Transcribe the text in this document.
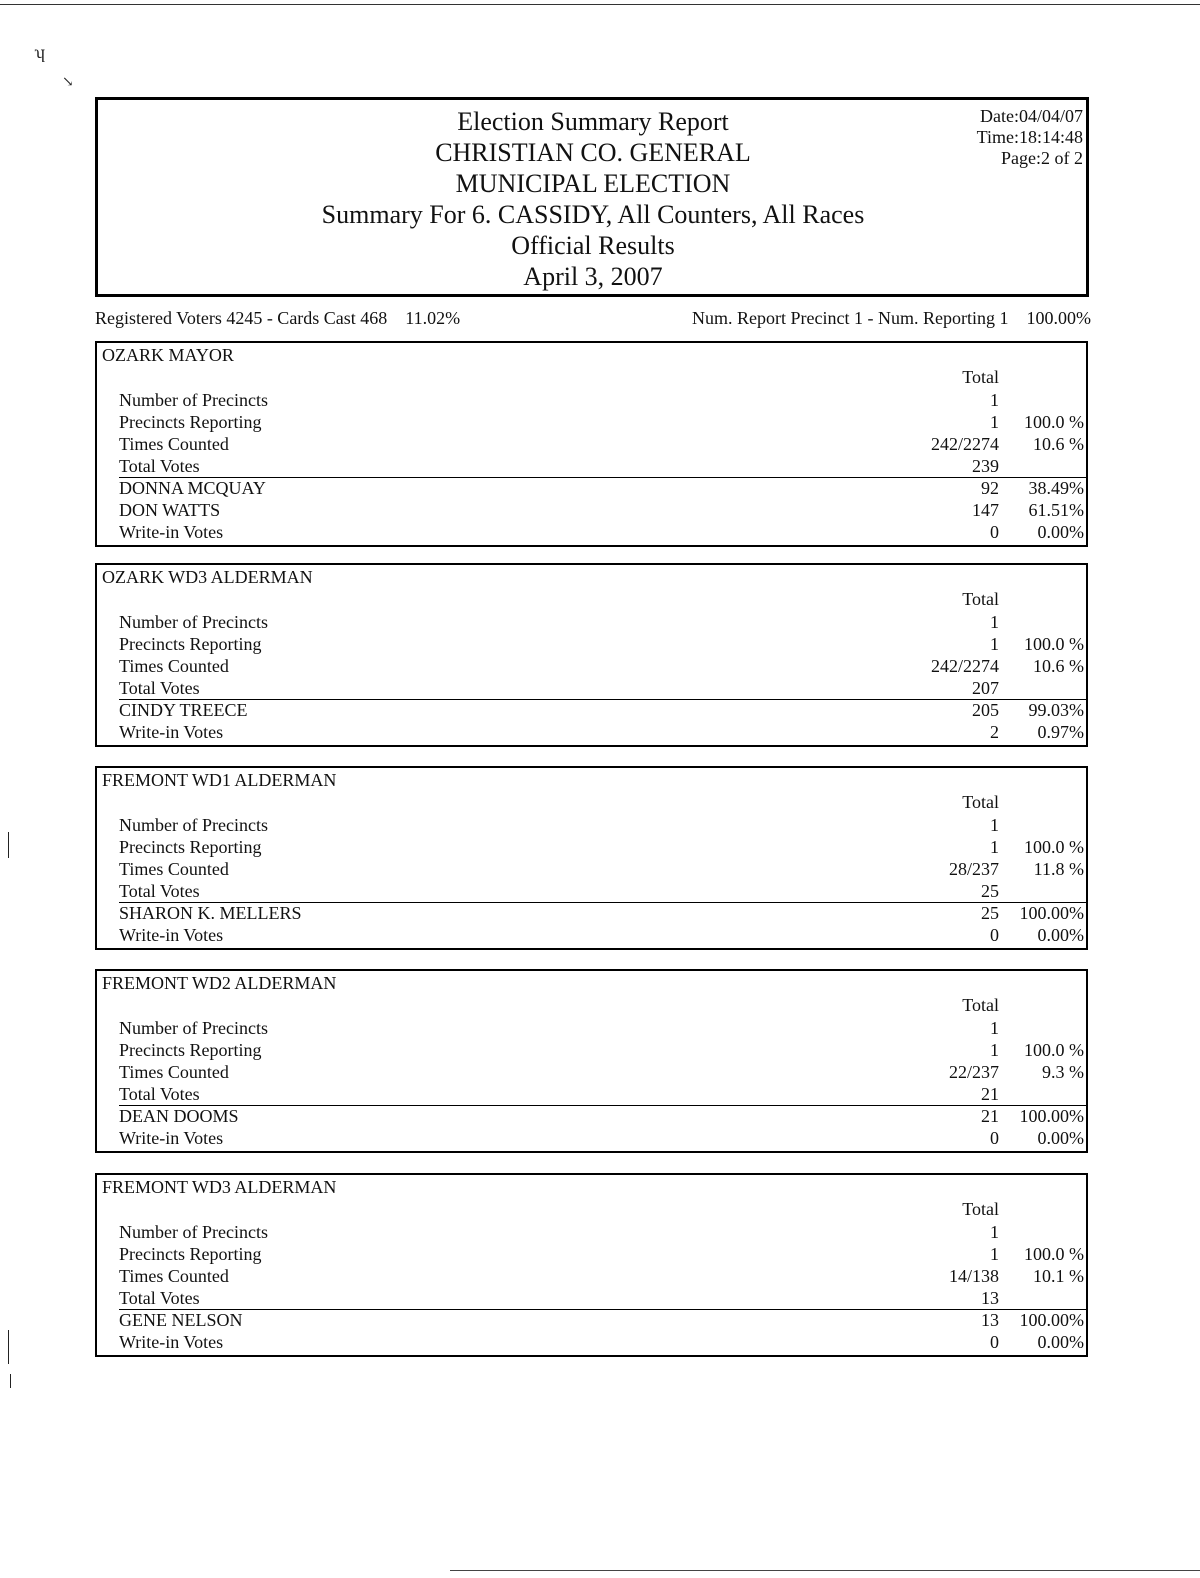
ʮ
↘
Election Summary Report
CHRISTIAN CO. GENERAL
MUNICIPAL ELECTION
Summary For 6. CASSIDY, All Counters, All Races
Official Results
April 3, 2007
Date:04/04/07
Time:18:14:48
Page:2 of 2
Registered Voters 4245 - Cards Cast 468    11.02%	Num. Report Precinct 1 - Num. Reporting 1    100.00%
OZARK MAYOR
Total
Number of Precincts	1
Precincts Reporting	1	100.0 %
Times Counted	242/2274	10.6 %
Total Votes	239
DONNA MCQUAY	92	38.49%
DON WATTS	147	61.51%
Write-in Votes	0	0.00%
OZARK WD3 ALDERMAN
Total
Number of Precincts	1
Precincts Reporting	1	100.0 %
Times Counted	242/2274	10.6 %
Total Votes	207
CINDY TREECE	205	99.03%
Write-in Votes	2	0.97%
FREMONT WD1 ALDERMAN
Total
Number of Precincts	1
Precincts Reporting	1	100.0 %
Times Counted	28/237	11.8 %
Total Votes	25
SHARON K. MELLERS	25	100.00%
Write-in Votes	0	0.00%
FREMONT WD2 ALDERMAN
Total
Number of Precincts	1
Precincts Reporting	1	100.0 %
Times Counted	22/237	9.3 %
Total Votes	21
DEAN DOOMS	21	100.00%
Write-in Votes	0	0.00%
FREMONT WD3 ALDERMAN
Total
Number of Precincts	1
Precincts Reporting	1	100.0 %
Times Counted	14/138	10.1 %
Total Votes	13
GENE NELSON	13	100.00%
Write-in Votes	0	0.00%
